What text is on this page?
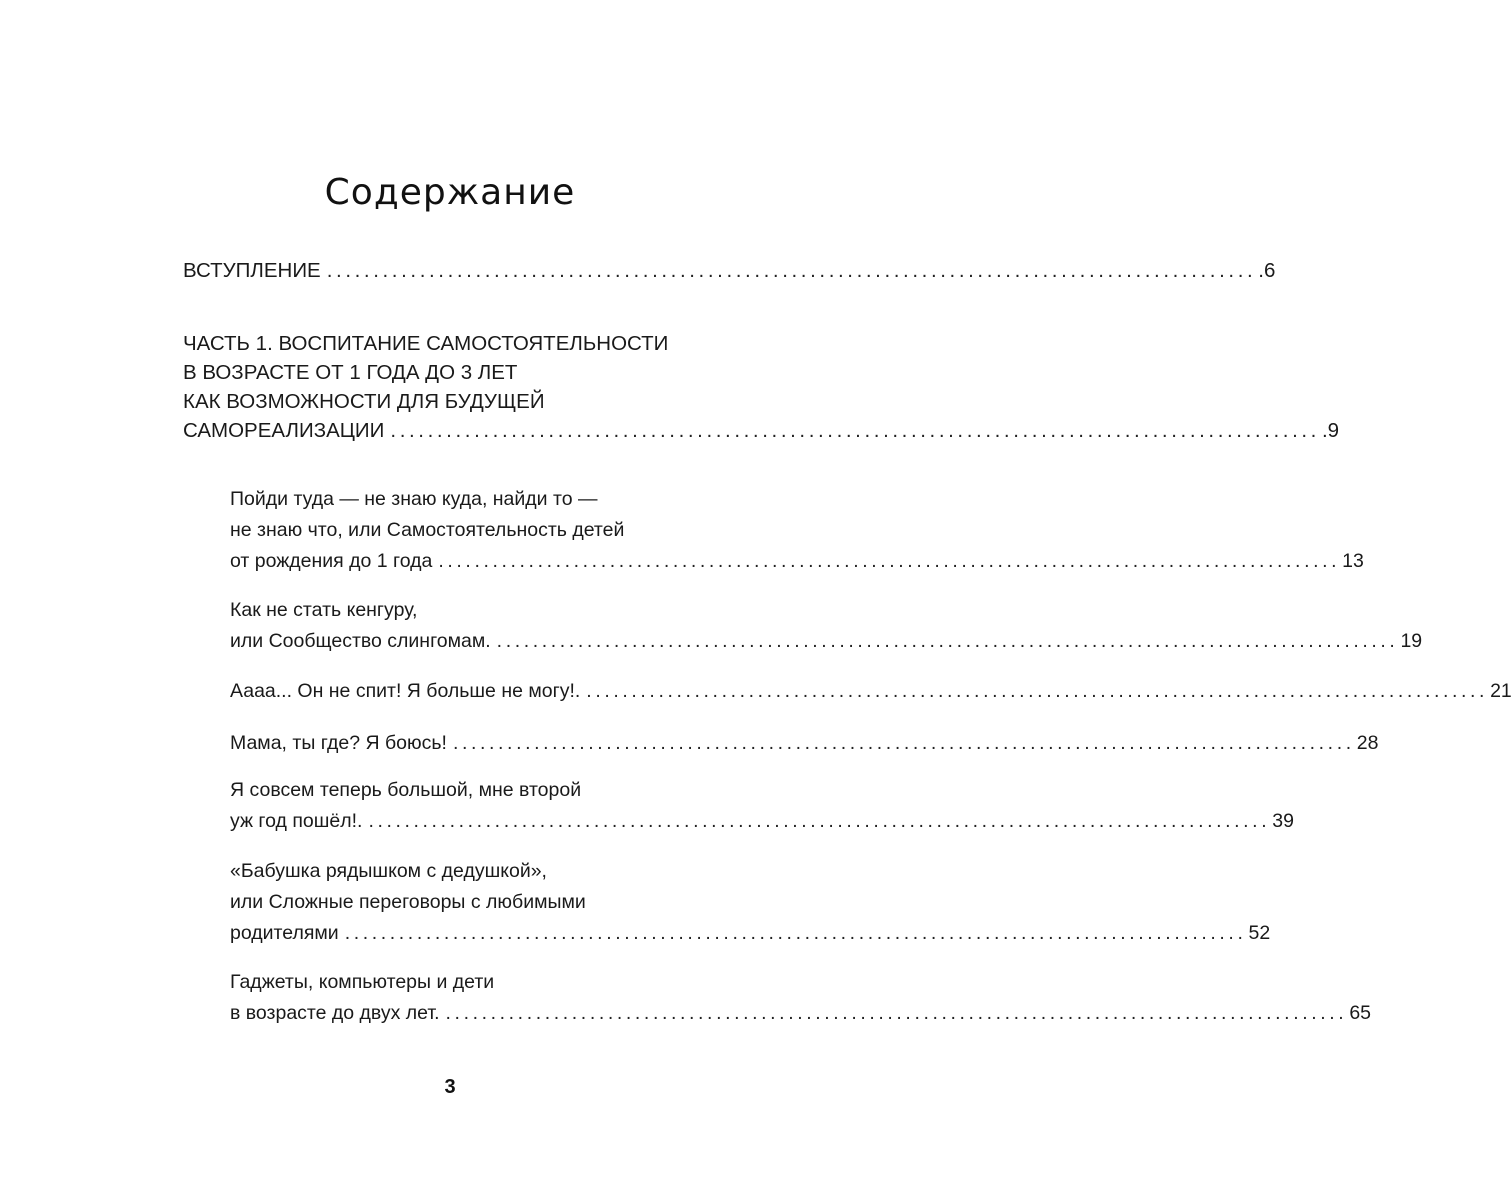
Содержание
ВСТУПЛЕНИЕ .................................................................................................... .6
ЧАСТЬ 1. ВОСПИТАНИЕ САМОСТОЯТЕЛЬНОСТИ
В ВОЗРАСТЕ ОТ 1 ГОДА ДО 3 ЛЕТ
КАК ВОЗМОЖНОСТИ ДЛЯ БУДУЩЕЙ
САМОРЕАЛИЗАЦИИ .................................................................................................... .9
Пойди туда — не знаю куда, найди то —
не знаю что, или Самостоятельность детей
от рождения до 1 года .................................................................................................... 13
Как не стать кенгуру,
или Сообщество слингомам. .................................................................................................... 19
Аааа... Он не спит! Я больше не могу!. .................................................................................................... 21
Мама, ты где? Я боюсь! .................................................................................................... 28
Я совсем теперь большой, мне второй
уж год пошёл!. .................................................................................................... 39
«Бабушка рядышком с дедушкой»,
или Сложные переговоры с любимыми
родителями .................................................................................................... 52
Гаджеты, компьютеры и дети
в возрасте до двух лет. .................................................................................................... 65
3
